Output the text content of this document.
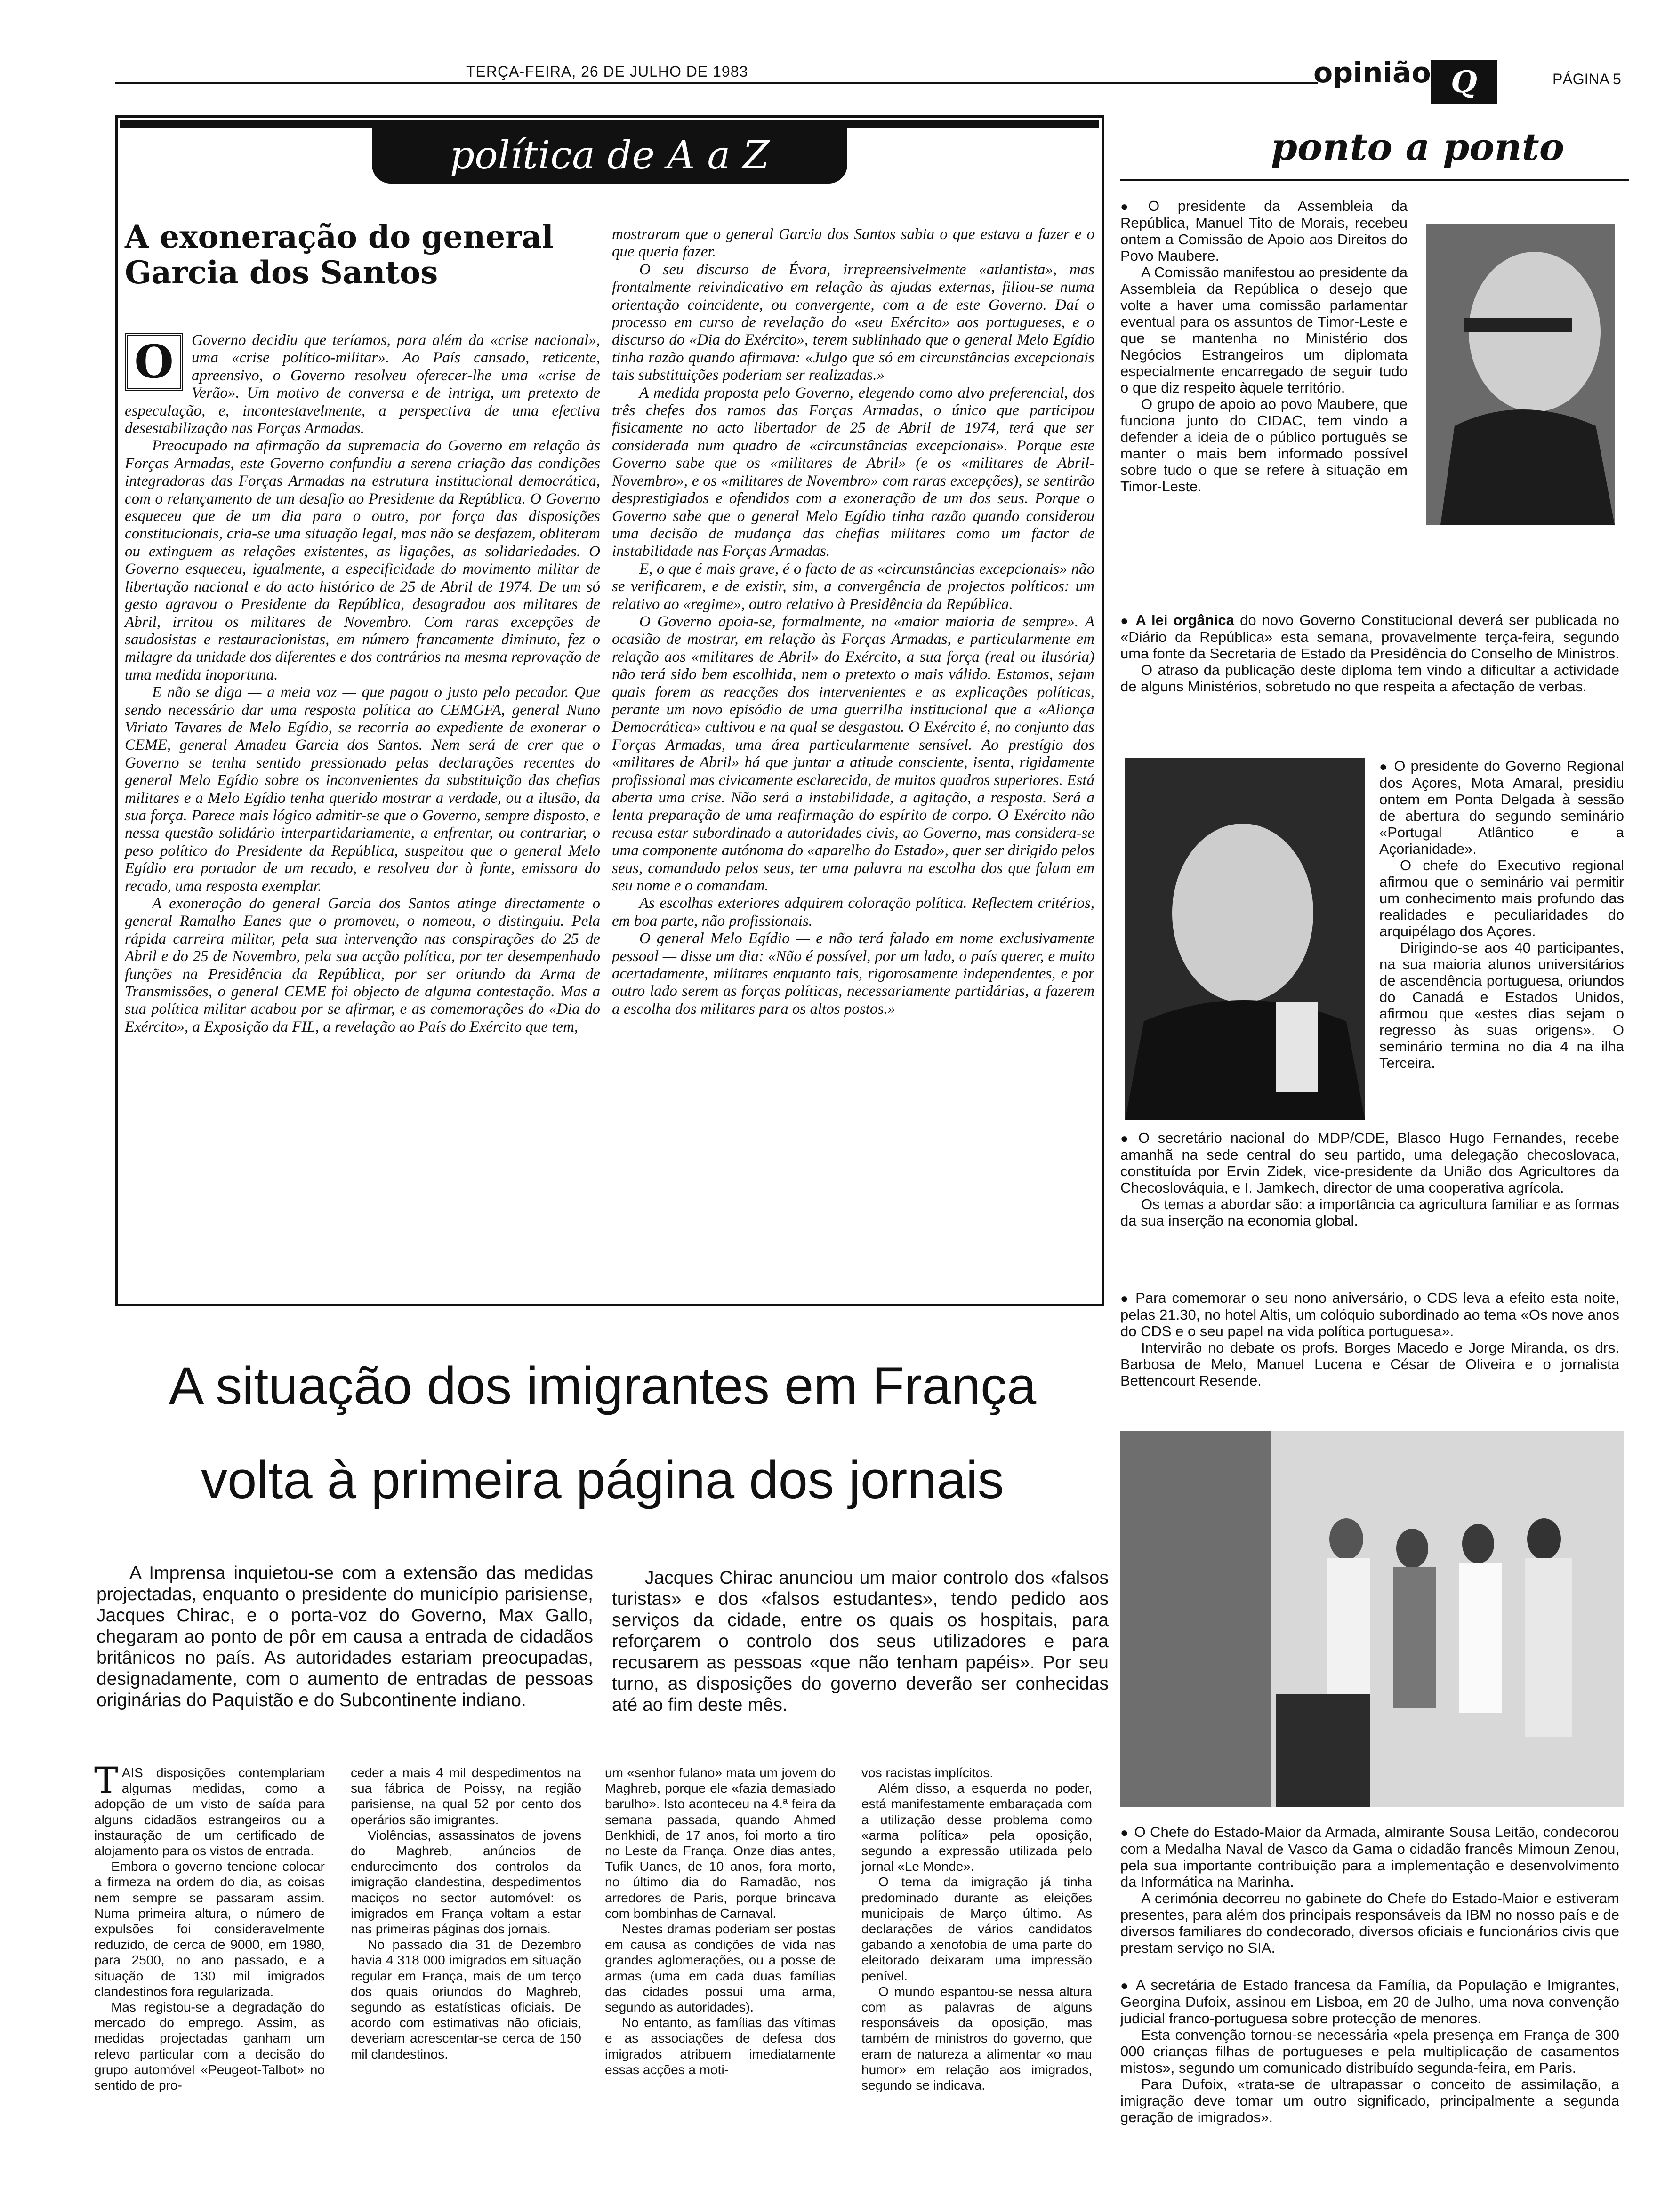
TERÇA-FEIRA, 26 DE JULHO DE 1983	opinião Q	PÁGINA 5
política de A a Z
A exoneração do general Garcia dos Santos
O	Governo decidiu que teríamos, para além da «crise nacional», uma «crise político-militar». Ao País cansado, reticente, apreensivo, o Governo resolveu oferecer-lhe uma «crise de Verão». Um motivo de conversa e de intriga, um pretexto de especulação, e, incontestavelmente, a perspectiva de uma efectiva desestabilização nas Forças Armadas.

Preocupado na afirmação da supremacia do Governo em relação às Forças Armadas, este Governo confundiu a serena criação das condições integradoras das Forças Armadas na estrutura institucional democrática, com o relançamento de um desafio ao Presidente da República. O Governo esqueceu que de um dia para o outro, por força das disposições constitucionais, cria-se uma situação legal, mas não se desfazem, obliteram ou extinguem as relações existentes, as ligações, as solidariedades. O Governo esqueceu, igualmente, a especificidade do movimento militar de libertação nacional e do acto histórico de 25 de Abril de 1974. De um só gesto agravou o Presidente da República, desagradou aos militares de Abril, irritou os militares de Novembro. Com raras excepções de saudosistas e restauracionistas, em número francamente diminuto, fez o milagre da unidade dos diferentes e dos contrários na mesma reprovação de uma medida inoportuna.

E não se diga — a meia voz — que pagou o justo pelo pecador. Que sendo necessário dar uma resposta política ao CEMGFA, general Nuno Viriato Tavares de Melo Egídio, se recorria ao expediente de exonerar o CEME, general Amadeu Garcia dos Santos. Nem será de crer que o Governo se tenha sentido pressionado pelas declarações recentes do general Melo Egídio sobre os inconvenientes da substituição das chefias militares e a Melo Egídio tenha querido mostrar a verdade, ou a ilusão, da sua força. Parece mais lógico admitir-se que o Governo, sempre disposto, e nessa questão solidário interpartidariamente, a enfrentar, ou contrariar, o peso político do Presidente da República, suspeitou que o general Melo Egídio era portador de um recado, e resolveu dar à fonte, emissora do recado, uma resposta exemplar.

A exoneração do general Garcia dos Santos atinge directamente o general Ramalho Eanes que o promoveu, o nomeou, o distinguiu. Pela rápida carreira militar, pela sua intervenção nas conspirações do 25 de Abril e do 25 de Novembro, pela sua acção política, por ter desempenhado funções na Presidência da República, por ser oriundo da Arma de Transmissões, o general CEME foi objecto de alguma contestação. Mas a sua política militar acabou por se afirmar, e as comemorações do «Dia do Exército», a Exposição da FIL, a revelação ao País do Exército que tem,

mostraram que o general Garcia dos Santos sabia o que estava a fazer e o que queria fazer.

O seu discurso de Évora, irrepreensivelmente «atlantista», mas frontalmente reivindicativo em relação às ajudas externas, filiou-se numa orientação coincidente, ou convergente, com a de este Governo. Daí o processo em curso de revelação do «seu Exército» aos portugueses, e o discurso do «Dia do Exército», terem sublinhado que o general Melo Egídio tinha razão quando afirmava: «Julgo que só em circunstâncias excepcionais tais substituições poderiam ser realizadas.»

A medida proposta pelo Governo, elegendo como alvo preferencial, dos três chefes dos ramos das Forças Armadas, o único que participou fisicamente no acto libertador de 25 de Abril de 1974, terá que ser considerada num quadro de «circunstâncias excepcionais». Porque este Governo sabe que os «militares de Abril» (e os «militares de Abril-Novembro», e os «militares de Novembro» com raras excepções), se sentirão desprestigiados e ofendidos com a exoneração de um dos seus. Porque o Governo sabe que o general Melo Egídio tinha razão quando considerou uma decisão de mudança das chefias militares como um factor de instabilidade nas Forças Armadas.

E, o que é mais grave, é o facto de as «circunstâncias excepcionais» não se verificarem, e de existir, sim, a convergência de projectos políticos: um relativo ao «regime», outro relativo à Presidência da República.

O Governo apoia-se, formalmente, na «maior maioria de sempre». A ocasião de mostrar, em relação às Forças Armadas, e particularmente em relação aos «militares de Abril» do Exército, a sua força (real ou ilusória) não terá sido bem escolhida, nem o pretexto o mais válido. Estamos, sejam quais forem as reacções dos intervenientes e as explicações políticas, perante um novo episódio de uma guerrilha institucional que a «Aliança Democrática» cultivou e na qual se desgastou. O Exército é, no conjunto das Forças Armadas, uma área particularmente sensível. Ao prestígio dos «militares de Abril» há que juntar a atitude consciente, isenta, rigidamente profissional mas civicamente esclarecida, de muitos quadros superiores. Está aberta uma crise. Não será a instabilidade, a agitação, a resposta. Será a lenta preparação de uma reafirmação do espírito de corpo. O Exército não recusa estar subordinado a autoridades civis, ao Governo, mas considera-se uma componente autónoma do «aparelho do Estado», quer ser dirigido pelos seus, comandado pelos seus, ter uma palavra na escolha dos que falam em seu nome e o comandam.

As escolhas exteriores adquirem coloração política. Reflectem critérios, em boa parte, não profissionais.

O general Melo Egídio — e não terá falado em nome exclusivamente pessoal — disse um dia: «Não é possível, por um lado, o país querer, e muito acertadamente, militares enquanto tais, rigorosamente independentes, e por outro lado serem as forças políticas, necessariamente partidárias, a fazerem a escolha dos militares para os altos postos.»

ponto a ponto

● O presidente da Assembleia da República, Manuel Tito de Morais, recebeu ontem a Comissão de Apoio aos Direitos do Povo Maubere.

A Comissão manifestou ao presidente da Assembleia da República o desejo que volte a haver uma comissão parlamentar eventual para os assuntos de Timor-Leste e que se mantenha no Ministério dos Negócios Estrangeiros um diplomata especialmente encarregado de seguir tudo o que diz respeito àquele território.

O grupo de apoio ao povo Maubere, que funciona junto do CIDAC, tem vindo a defender a ideia de o público português se manter o mais bem informado possível sobre tudo o que se refere à situação em Timor-Leste.

● A lei orgânica do novo Governo Constitucional deverá ser publicada no «Diário da República» esta semana, provavelmente terça-feira, segundo uma fonte da Secretaria de Estado da Presidência do Conselho de Ministros.

O atraso da publicação deste diploma tem vindo a dificultar a actividade de alguns Ministérios, sobretudo no que respeita a afectação de verbas.

● O presidente do Governo Regional dos Açores, Mota Amaral, presidiu ontem em Ponta Delgada à sessão de abertura do segundo seminário «Portugal Atlântico e a Açorianidade».

O chefe do Executivo regional afirmou que o seminário vai permitir um conhecimento mais profundo das realidades e peculiaridades do arquipélago dos Açores.

Dirigindo-se aos 40 participantes, na sua maioria alunos universitários de ascendência portuguesa, oriundos do Canadá e Estados Unidos, afirmou que «estes dias sejam o regresso às suas origens». O seminário termina no dia 4 na ilha Terceira.

● O secretário nacional do MDP/CDE, Blasco Hugo Fernandes, recebe amanhã na sede central do seu partido, uma delegação checoslovaca, constituída por Ervin Zidek, vice-presidente da União dos Agricultores da Checoslováquia, e I. Jamkech, director de uma cooperativa agrícola.

Os temas a abordar são: a importância ca agricultura familiar e as formas da sua inserção na economia global.

● Para comemorar o seu nono aniversário, o CDS leva a efeito esta noite, pelas 21.30, no hotel Altis, um colóquio subordinado ao tema «Os nove anos do CDS e o seu papel na vida política portuguesa».

Intervirão no debate os profs. Borges Macedo e Jorge Miranda, os drs. Barbosa de Melo, Manuel Lucena e César de Oliveira e o jornalista Bettencourt Resende.

● O Chefe do Estado-Maior da Armada, almirante Sousa Leitão, condecorou com a Medalha Naval de Vasco da Gama o cidadão francês Mimoun Zenou, pela sua importante contribuição para a implementação e desenvolvimento da Informática na Marinha.

A cerimónia decorreu no gabinete do Chefe do Estado-Maior e estiveram presentes, para além dos principais responsáveis da IBM no nosso país e de diversos familiares do condecorado, diversos oficiais e funcionários civis que prestam serviço no SIA.

● A secretária de Estado francesa da Família, da População e Imigrantes, Georgina Dufoix, assinou em Lisboa, em 20 de Julho, uma nova convenção judicial franco-portuguesa sobre protecção de menores.

Esta convenção tornou-se necessária «pela presença em França de 300 000 crianças filhas de portugueses e pela multiplicação de casamentos mistos», segundo um comunicado distribuído segunda-feira, em Paris.

Para Dufoix, «trata-se de ultrapassar o conceito de assimilação, a imigração deve tomar um outro significado, principalmente a segunda geração de imigrados».

A situação dos imigrantes em França
volta à primeira página dos jornais

A Imprensa inquietou-se com a extensão das medidas projectadas, enquanto o presidente do município parisiense, Jacques Chirac, e o porta-voz do Governo, Max Gallo, chegaram ao ponto de pôr em causa a entrada de cidadãos britânicos no país. As autoridades estariam preocupadas, designadamente, com o aumento de entradas de pessoas originárias do Paquistão e do Subcontinente indiano.

Jacques Chirac anunciou um maior controlo dos «falsos turistas» e dos «falsos estudantes», tendo pedido aos serviços da cidade, entre os quais os hospitais, para reforçarem o controlo dos seus utilizadores e para recusarem as pessoas «que não tenham papéis». Por seu turno, as disposições do governo deverão ser conhecidas até ao fim deste mês.

TAIS disposições contemplariam algumas medidas, como a adopção de um visto de saída para alguns cidadãos estrangeiros ou a instauração de um certificado de alojamento para os vistos de entrada.

Embora o governo tencione colocar a firmeza na ordem do dia, as coisas nem sempre se passaram assim. Numa primeira altura, o número de expulsões foi consideravelmente reduzido, de cerca de 9000, em 1980, para 2500, no ano passado, e a situação de 130 mil imigrados clandestinos fora regularizada.

Mas registou-se a degradação do mercado do emprego. Assim, as medidas projectadas ganham um relevo particular com a decisão do grupo automóvel «Peugeot-Talbot» no sentido de pro-

ceder a mais 4 mil despedimentos na sua fábrica de Poissy, na região parisiense, na qual 52 por cento dos operários são imigrantes.

Violências, assassinatos de jovens do Maghreb, anúncios de endurecimento dos controlos da imigração clandestina, despedimentos maciços no sector automóvel: os imigrados em França voltam a estar nas primeiras páginas dos jornais.

No passado dia 31 de Dezembro havia 4 318 000 imigrados em situação regular em França, mais de um terço dos quais oriundos do Maghreb, segundo as estatísticas oficiais. De acordo com estimativas não oficiais, deveriam acrescentar-se cerca de 150 mil clandestinos.

um «senhor fulano» mata um jovem do Maghreb, porque ele «fazia demasiado barulho». Isto aconteceu na 4.ª feira da semana passada, quando Ahmed Benkhidi, de 17 anos, foi morto a tiro no Leste da França. Onze dias antes, Tufik Uanes, de 10 anos, fora morto, no último dia do Ramadão, nos arredores de Paris, porque brincava com bombinhas de Carnaval.

Nestes dramas poderiam ser postas em causa as condições de vida nas grandes aglomerações, ou a posse de armas (uma em cada duas famílias das cidades possui uma arma, segundo as autoridades).

No entanto, as famílias das vítimas e as associações de defesa dos imigrados atribuem imediatamente essas acções a moti-

vos racistas implícitos.

Além disso, a esquerda no poder, está manifestamente embaraçada com a utilização desse problema como «arma política» pela oposição, segundo a expressão utilizada pelo jornal «Le Monde».

O tema da imigração já tinha predominado durante as eleições municipais de Março último. As declarações de vários candidatos gabando a xenofobia de uma parte do eleitorado deixaram uma impressão penível.

O mundo espantou-se nessa altura com as palavras de alguns responsáveis da oposição, mas também de ministros do governo, que eram de natureza a alimentar «o mau humor» em relação aos imigrados, segundo se indicava.
